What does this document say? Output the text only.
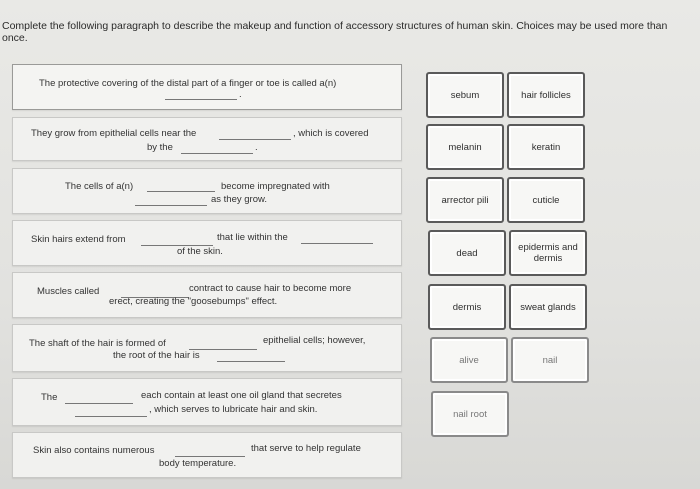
Complete the following paragraph to describe the makeup and function of accessory structures of human skin. Choices may be used more than once.
The protective covering of the distal part of a finger or toe is called a(n)
.
They grow from epithelial cells near the	, which is covered
by the	.
The cells of a(n)	become impregnated with
as they grow.
Skin hairs extend from	that lie within the
of the skin.
Muscles called	contract to cause hair to become more
erect, creating the "goosebumps" effect.
The shaft of the hair is formed of	epithelial cells; however,
the root of the hair is
The	each contain at least one oil gland that secretes
, which serves to lubricate hair and skin.
Skin also contains numerous	that serve to help regulate
body temperature.
sebum	hair follicles
melanin	keratin
arrector pili	cuticle
dead	epidermis and dermis
dermis	sweat glands
alive	nail
nail root
